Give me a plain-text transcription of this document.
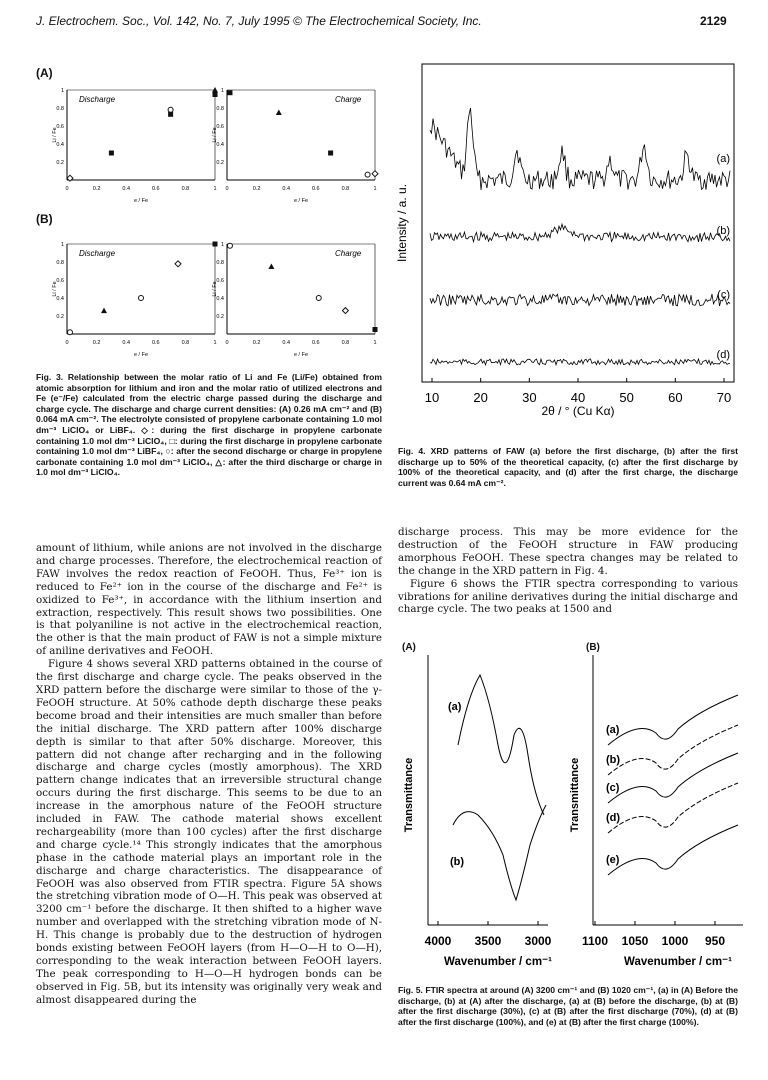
J. Electrochem. Soc., Vol. 142, No. 7, July 1995 © The Electrochemical Society, Inc.	2129
(A)
(B)
Discharge
0	0.2	0.4	0.6	0.8	1
0.2
0.4
0.6
0.8
1
e / Fe
Li / Fe
Charge
0	0.2	0.4	0.6	0.8	1
0.2
0.4
0.6
0.8
1
e / Fe
Li / Fe
Discharge
0	0.2	0.4	0.6	0.8	1
0.2
0.4
0.6
0.8
1
e / Fe
Li / Fe
Charge
0	0.2	0.4	0.6	0.8	1
0.2
0.4
0.6
0.8
1
e / Fe
Li / Fe
Fig. 3. Relationship between the molar ratio of Li and Fe (Li/Fe) obtained from atomic absorption for lithium and iron and the molar ratio of utilized electrons and Fe (e⁻/Fe) calculated from the electric charge passed during the discharge and charge cycle. The discharge and charge current densities: (A) 0.26 mA cm⁻² and (B) 0.064 mA cm⁻². The electrolyte consisted of propylene carbonate containing 1.0 mol dm⁻³ LiClO₄ or LiBF₄. ◇: during the first discharge in propylene carbonate containing 1.0 mol dm⁻³ LiClO₄, □: during the first discharge in propylene carbonate containing 1.0 mol dm⁻³ LiBF₄, ○: after the second discharge or charge in propylene carbonate containing 1.0 mol dm⁻³ LiClO₄, △: after the third discharge or charge in 1.0 mol dm⁻³ LiClO₄.
10	20	30	40	50	60	70
2θ / ° (Cu Kα)
Intensity / a. u.
(a)
(b)
(c)
(d)
Fig. 4. XRD patterns of FAW (a) before the first discharge, (b) after the first discharge up to 50% of the theoretical capacity, (c) after the first discharge by 100% of the theoretical capacity, and (d) after the first charge, the discharge current was 0.64 mA cm⁻².

amount of lithium, while anions are not involved in the discharge and charge processes. Therefore, the electrochemical reaction of FAW involves the redox reaction of FeOOH. Thus, Fe³⁺ ion is reduced to Fe²⁺ ion in the course of the discharge and Fe²⁺ is oxidized to Fe³⁺, in accordance with the lithium insertion and extraction, respectively. This result shows two possibilities. One is that polyaniline is not active in the electrochemical reaction, the other is that the main product of FAW is not a simple mixture of aniline derivatives and FeOOH.

Figure 4 shows several XRD patterns obtained in the course of the first discharge and charge cycle. The peaks observed in the XRD pattern before the discharge were similar to those of the γ-FeOOH structure. At 50% cathode depth discharge these peaks become broad and their intensities are much smaller than before the initial discharge. The XRD pattern after 100% discharge depth is similar to that after 50% discharge. Moreover, this pattern did not change after recharging and in the following discharge and charge cycles (mostly amorphous). The XRD pattern change indicates that an irreversible structural change occurs during the first discharge. This seems to be due to an increase in the amorphous nature of the FeOOH structure included in FAW. The cathode material shows excellent rechargeability (more than 100 cycles) after the first discharge and charge cycle.¹⁴ This strongly indicates that the amorphous phase in the cathode material plays an important role in the discharge and charge characteristics. The disappearance of FeOOH was also observed from FTIR spectra. Figure 5A shows the stretching vibration mode of O—H. This peak was observed at 3200 cm⁻¹ before the discharge. It then shifted to a higher wave number and overlapped with the stretching vibration mode of N-H. This change is probably due to the destruction of hydrogen bonds existing between FeOOH layers (from H—O—H to O—H), corresponding to the weak interaction between FeOOH layers. The peak corresponding to H—O—H hydrogen bonds can be observed in Fig. 5B, but its intensity was originally very weak and almost disappeared during the

discharge process. This may be more evidence for the destruction of the FeOOH structure in FAW producing amorphous FeOOH. These spectra changes may be related to the change in the XRD pattern in Fig. 4.

Figure 6 shows the FTIR spectra corresponding to various vibrations for aniline derivatives during the initial discharge and charge cycle. The two peaks at 1500 and

(A)	(B)
4000 3500 3000
Wavenumber / cm⁻¹
Transmittance
(a)
(b)
1100 1050 1000 950
Wavenumber / cm⁻¹
Transmittance
(a)
(b)
(c)
(d)
(e)
Fig. 5. FTIR spectra at around (A) 3200 cm⁻¹ and (B) 1020 cm⁻¹, (a) in (A) Before the discharge, (b) at (A) after the discharge, (a) at (B) before the discharge, (b) at (B) after the first discharge (30%), (c) at (B) after the first discharge (70%), (d) at (B) after the first discharge (100%), and (e) at (B) after the first charge (100%).
